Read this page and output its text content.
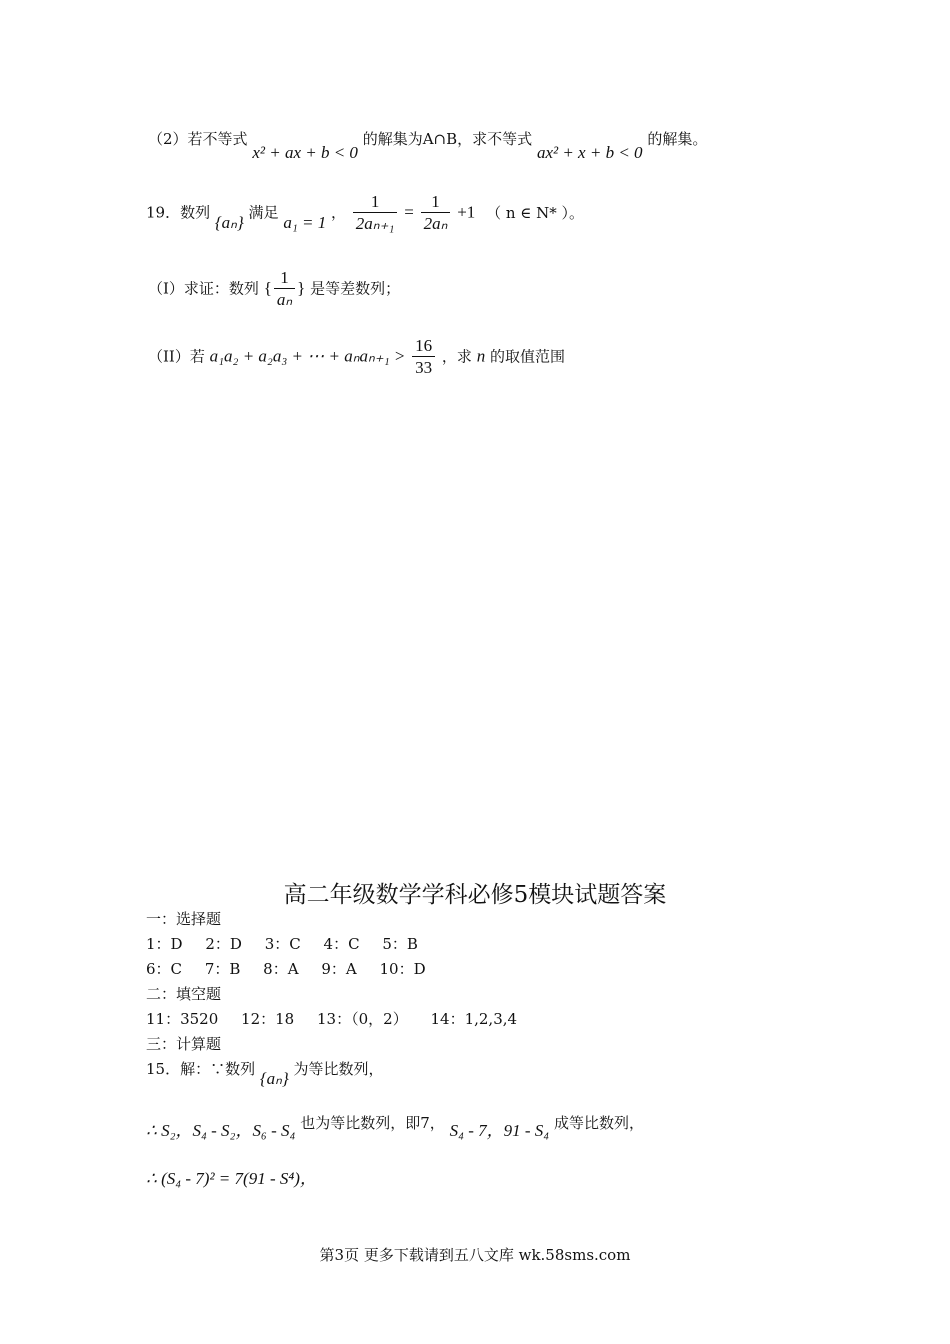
（2）若不等式 x² + ax + b < 0 的解集为A∩B，求不等式 ax² + x + b < 0 的解集。
19．数列 {aₙ} 满足 a₁ = 1 ， $\frac{1}{\text{2aₙ₊₁}} = \frac{1}{\text{2aₙ}} +1$ （ n ∈ N* ）。
（I）求证：数列 { $\frac{1}{\text{aₙ}}$ } 是等差数列；
（II）若 a₁a₂ + a₂a₃ + ⋯ + $a_na_{n+1} > \frac{16}{33}$ ，求 n 的取值范围
高二年级数学学科必修5模块试题答案
一：选择题
1：D 2：D 3：C 4：C 5：B
6：C 7：B 8：A 9：A 10：D
二：填空题
11：3520 12：18 13：（0，2） 14：1,2,3,4
三：计算题
15．解：∵数列 {aₙ} 为等比数列，
∴ S₂，S₄ - S₂，S₆ - S₄ 也为等比数列，即7， S₄ - 7，91 - S₄ 成等比数列，
∴ (S₄ - 7)² = 7(91 - S⁴)，
第3页 更多下载请到五八文库 wk.58sms.com
